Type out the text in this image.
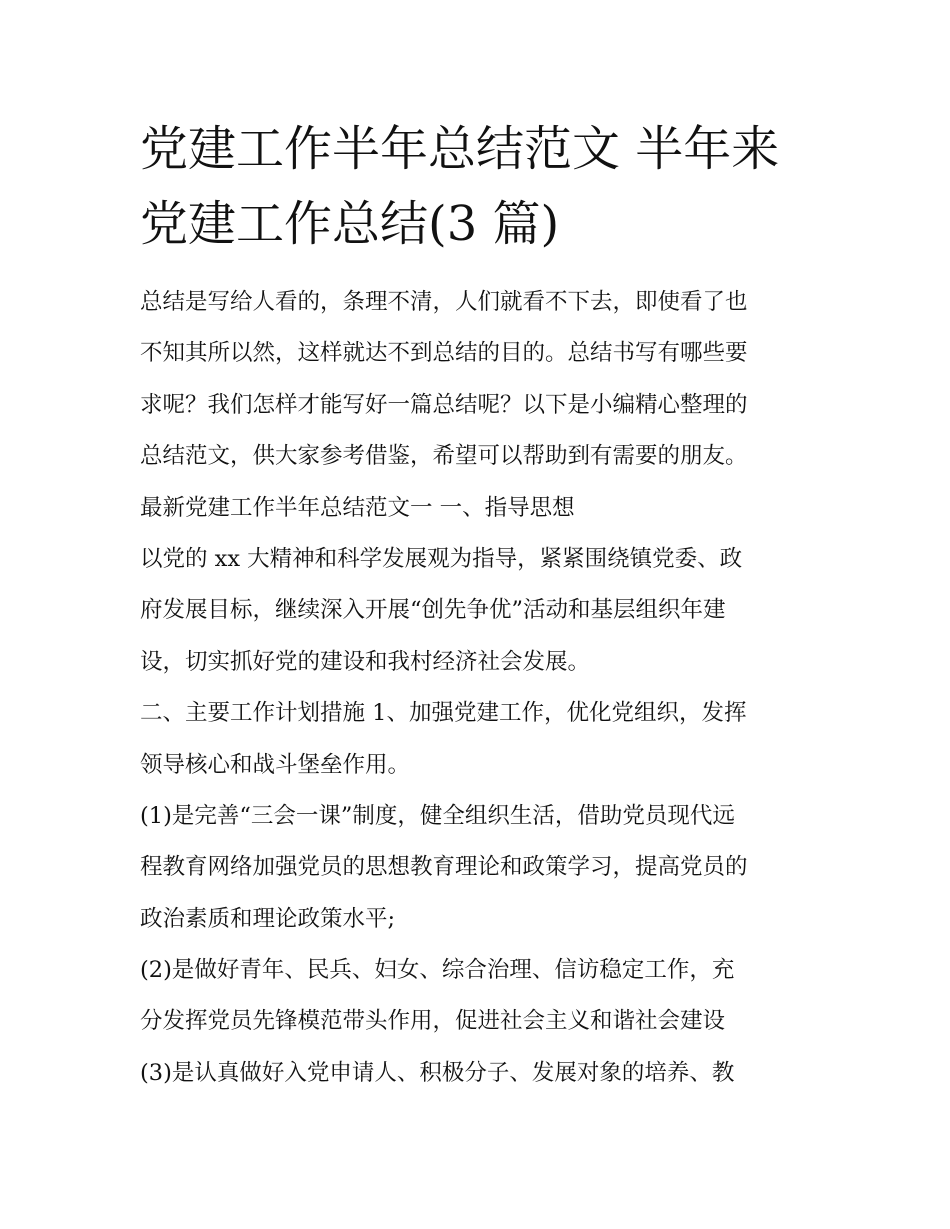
党建工作半年总结范文 半年来
党建工作总结(3 篇)
总结是写给人看的，条理不清，人们就看不下去，即使看了也
不知其所以然，这样就达不到总结的目的。总结书写有哪些要
求呢？我们怎样才能写好一篇总结呢？以下是小编精心整理的
总结范文，供大家参考借鉴，希望可以帮助到有需要的朋友。
最新党建工作半年总结范文一 一、指导思想
以党的 xx 大精神和科学发展观为指导，紧紧围绕镇党委、政
府发展目标，继续深入开展“创先争优”活动和基层组织年建
设，切实抓好党的建设和我村经济社会发展。
二、主要工作计划措施 1、加强党建工作，优化党组织，发挥
领导核心和战斗堡垒作用。
(1)是完善“三会一课”制度，健全组织生活，借助党员现代远
程教育网络加强党员的思想教育理论和政策学习，提高党员的
政治素质和理论政策水平;
(2)是做好青年、民兵、妇女、综合治理、信访稳定工作，充
分发挥党员先锋模范带头作用，促进社会主义和谐社会建设
(3)是认真做好入党申请人、积极分子、发展对象的培养、教
